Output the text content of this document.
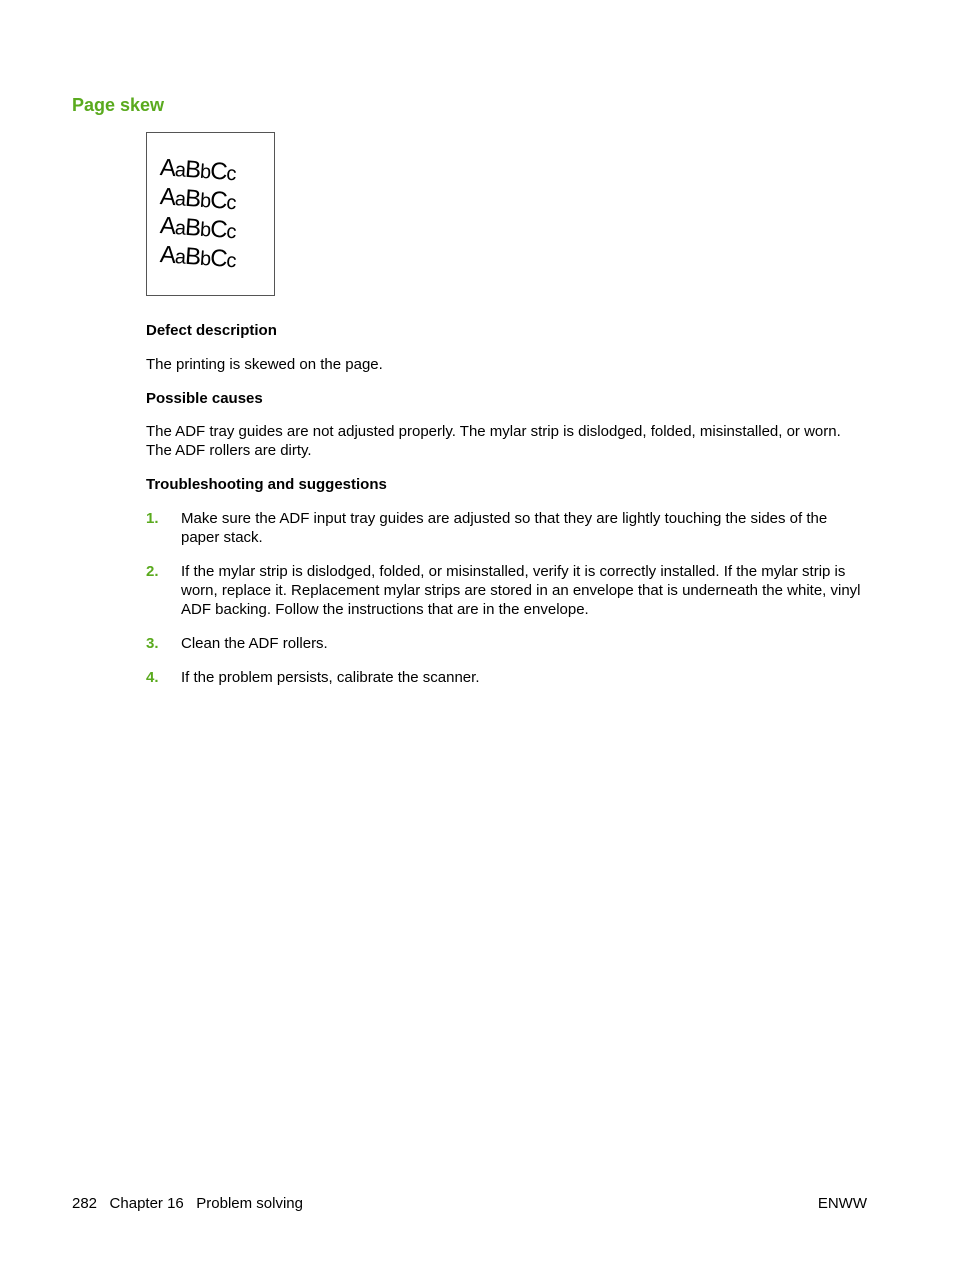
Page skew
AaBbCc
AaBbCc
AaBbCc
AaBbCc
Defect description
The printing is skewed on the page.
Possible causes
The ADF tray guides are not adjusted properly. The mylar strip is dislodged, folded, misinstalled, or worn. The ADF rollers are dirty.
Troubleshooting and suggestions
1. Make sure the ADF input tray guides are adjusted so that they are lightly touching the sides of the paper stack.
2. If the mylar strip is dislodged, folded, or misinstalled, verify it is correctly installed. If the mylar strip is worn, replace it. Replacement mylar strips are stored in an envelope that is underneath the white, vinyl ADF backing. Follow the instructions that are in the envelope.
3. Clean the ADF rollers.
4. If the problem persists, calibrate the scanner.
282 Chapter 16 Problem solving	ENWW
